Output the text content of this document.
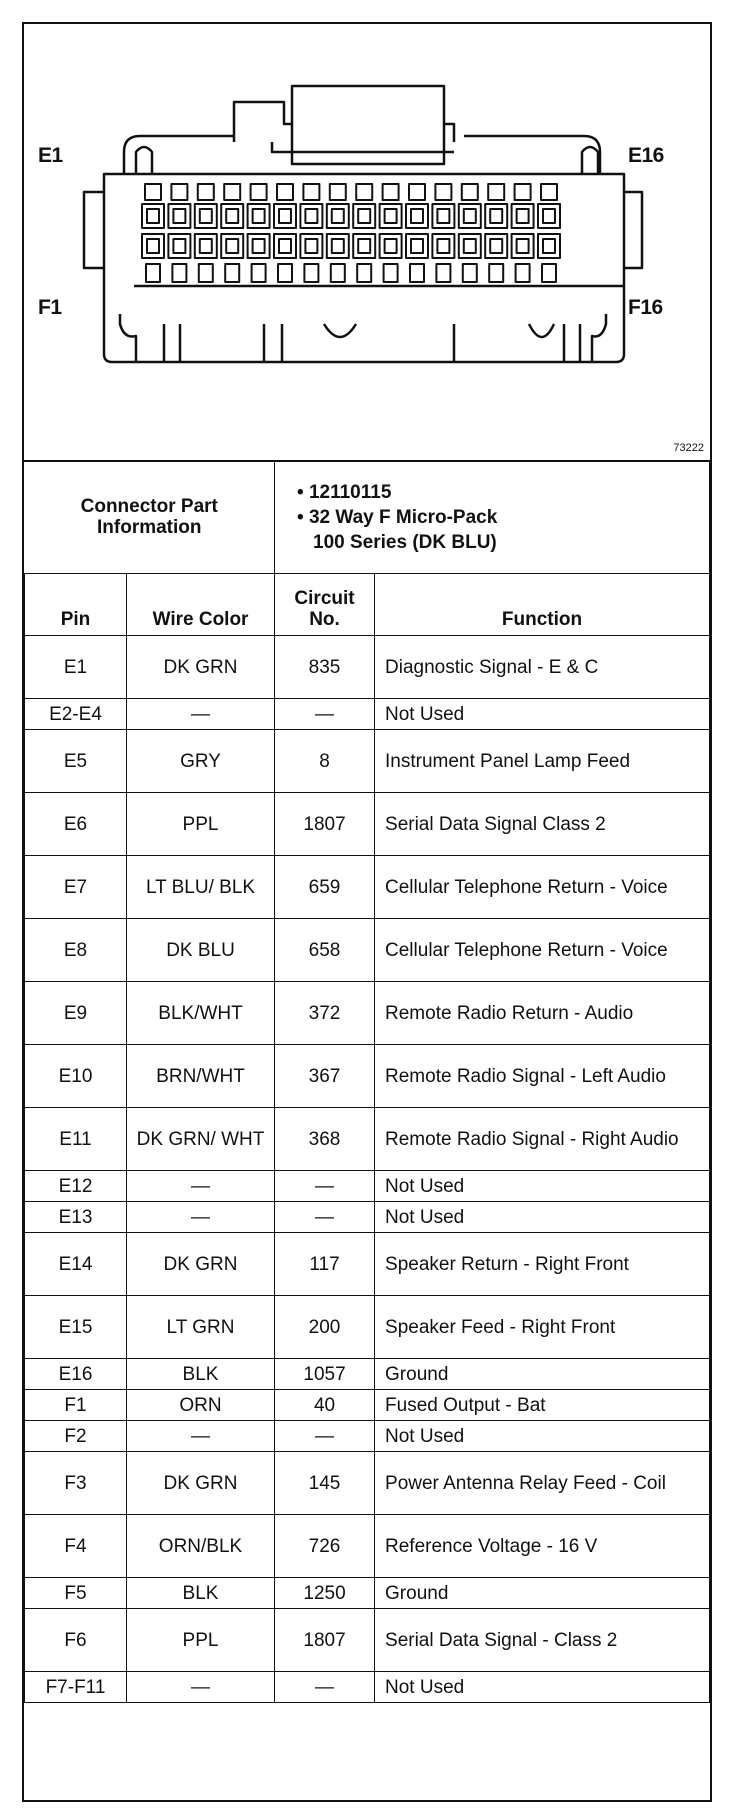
E1	E16
F1	F16
73222
Connector Part Information		• 12110115
• 32 Way F Micro-Pack
100 Series (DK BLU)

Pin	Wire Color	Circuit No.	Function
E1	DK GRN	835	Diagnostic Signal - E & C
E2-E4	—	—	Not Used
E5	GRY	8	Instrument Panel Lamp Feed
E6	PPL	1807	Serial Data Signal Class 2
E7	LT BLU/ BLK	659	Cellular Telephone Return - Voice
E8	DK BLU	658	Cellular Telephone Return - Voice
E9	BLK/WHT	372	Remote Radio Return - Audio
E10	BRN/WHT	367	Remote Radio Signal - Left Audio
E11	DK GRN/ WHT	368	Remote Radio Signal - Right Audio
E12	—	—	Not Used
E13	—	—	Not Used
E14	DK GRN	117	Speaker Return - Right Front
E15	LT GRN	200	Speaker Feed - Right Front
E16	BLK	1057	Ground
F1	ORN	40	Fused Output - Bat
F2	—	—	Not Used
F3	DK GRN	145	Power Antenna Relay Feed - Coil
F4	ORN/BLK	726	Reference Voltage - 16 V
F5	BLK	1250	Ground
F6	PPL	1807	Serial Data Signal - Class 2
F7-F11	—	—	Not Used
